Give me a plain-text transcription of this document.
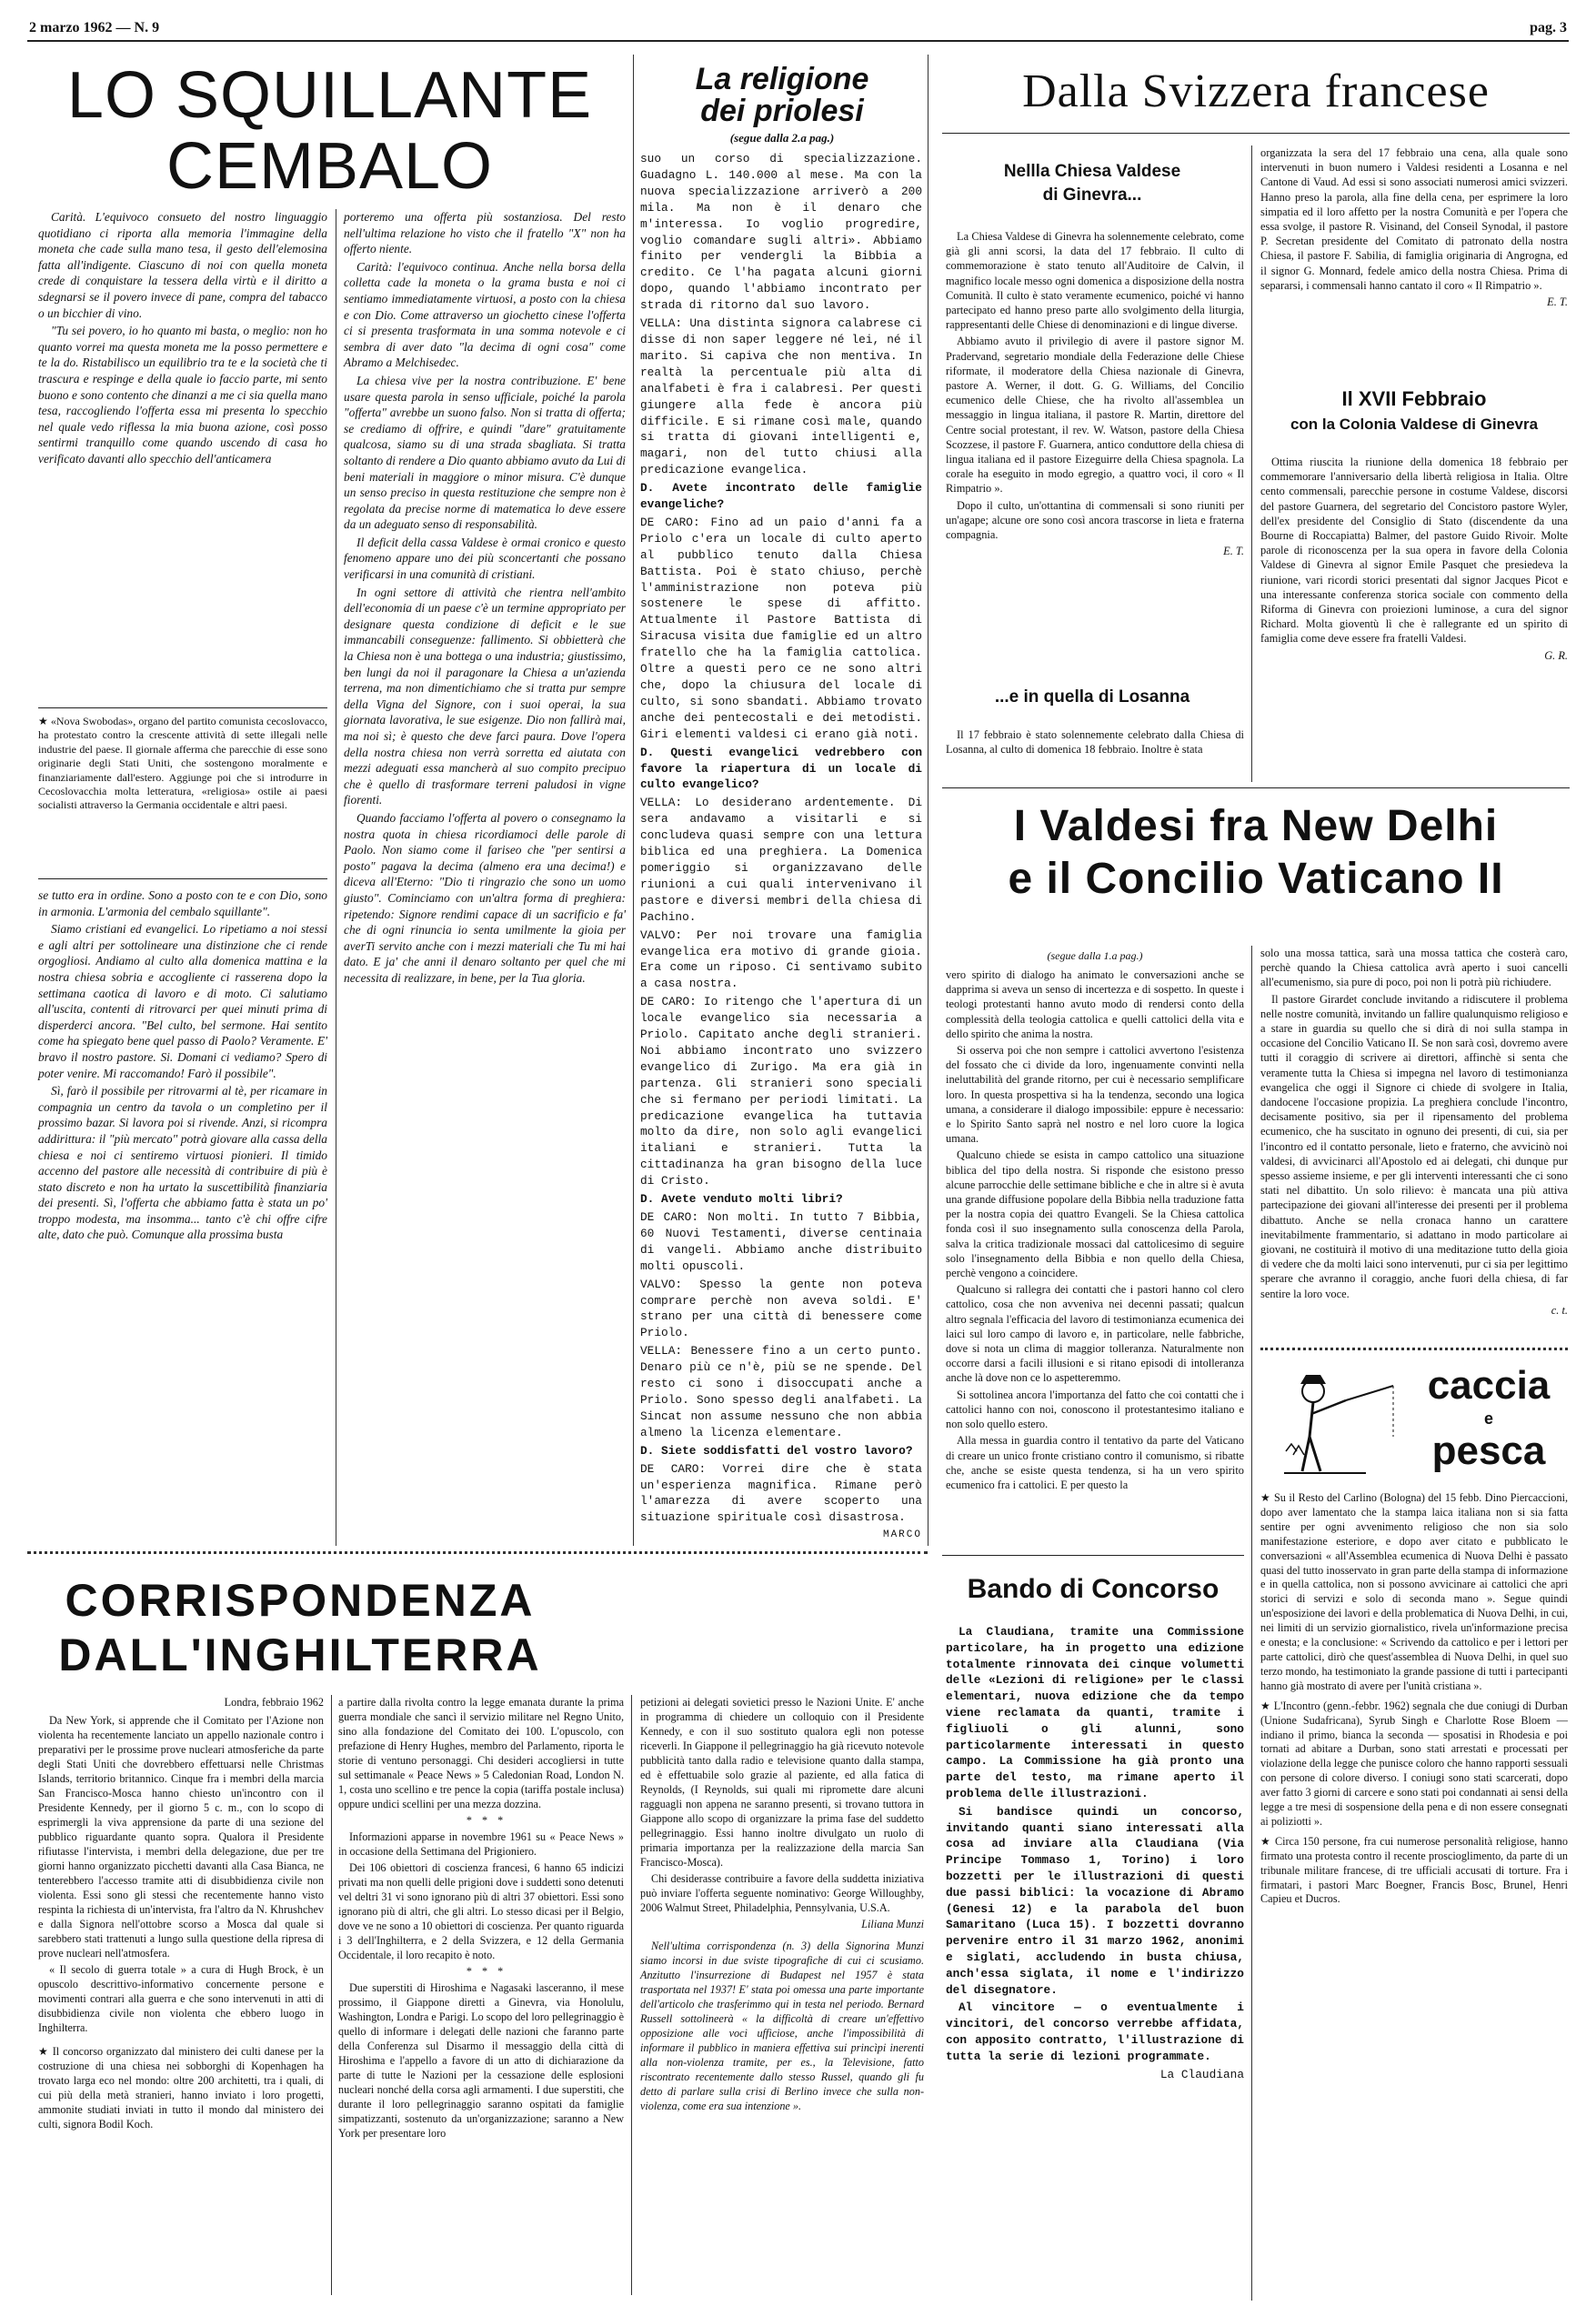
2 marzo 1962 — N. 9	pag. 3
LO SQUILLANTE
CEMBALO

Carità. L'equivoco consueto del nostro linguaggio quotidiano ci riporta alla memoria l'immagine della moneta che cade sulla mano tesa, il gesto dell'elemosina fatta all'indigente. Ciascuno di noi con quella moneta crede di conquistare la tessera della virtù e il diritto a sdegnarsi se il povero invece di pane, compra del tabacco o un bicchier di vino.

"Tu sei povero, io ho quanto mi basta, o meglio: non ho quanto vorrei ma questa moneta me la posso permettere e te la do. Ristabilisco un equilibrio tra te e la società che ti trascura e respinge e della quale io faccio parte, mi sento buono e sono contento che dinanzi a me ci sia quella mano tesa, raccogliendo l'offerta essa mi presenta lo specchio nel quale vedo riflessa la mia buona azione, così posso sentirmi tranquillo come quando uscendo di casa ho verificato davanti allo specchio dell'anticamera

★ «Nova Swobodas», organo del partito comunista cecoslovacco, ha protestato contro la crescente attività di sette illegali nelle industrie del paese. Il giornale afferma che parecchie di esse sono originarie degli Stati Uniti, che sostengono moralmente e finanziariamente dall'estero. Aggiunge poi che si introdurre in Cecoslovacchia molta letteratura, «religiosa» ostile ai paesi socialisti attraverso la Germania occidentale e altri paesi.

se tutto era in ordine. Sono a posto con te e con Dio, sono in armonia. L'armonia del cembalo squillante".

Siamo cristiani ed evangelici. Lo ripetiamo a noi stessi e agli altri per sottolineare una distinzione che ci rende orgogliosi. Andiamo al culto alla domenica mattina e la nostra chiesa sobria e accogliente ci rasserena dopo la settimana caotica di lavoro e di moto. Ci salutiamo all'uscita, contenti di ritrovarci per quei minuti prima di disperderci ancora. "Bel culto, bel sermone. Hai sentito come ha spiegato bene quel passo di Paolo? Veramente. E' bravo il nostro pastore. Si. Domani ci vediamo? Spero di poter venire. Mi raccomando! Farò il possibile".

Sì, farò il possibile per ritrovarmi al tè, per ricamare in compagnia un centro da tavola o un completino per il prossimo bazar. Si lavora poi si rivende. Anzi, si ricompra addirittura: il "più mercato" potrà giovare alla cassa della chiesa e noi ci sentiremo virtuosi pionieri. Il timido accenno del pastore alle necessità di contribuire di più è stato discreto e non ha urtato la suscettibilità finanziaria dei presenti. Sì, l'offerta che abbiamo fatta è stata un po' troppo modesta, ma insomma... tanto c'è chi offre cifre alte, dato che può. Comunque alla prossima busta

porteremo una offerta più sostanziosa. Del resto nell'ultima relazione ho visto che il fratello "X" non ha offerto niente.

Carità: l'equivoco continua. Anche nella borsa della colletta cade la moneta o la grama busta e noi ci sentiamo immediatamente virtuosi, a posto con la chiesa e con Dio. Come attraverso un giochetto cinese l'offerta ci si presenta trasformata in una somma notevole e ci sembra di aver dato "la decima di ogni cosa" come Abramo a Melchisedec.

La chiesa vive per la nostra contribuzione. E' bene usare questa parola in senso ufficiale, poiché la parola "offerta" avrebbe un suono falso. Non si tratta di offerta; se crediamo di offrire, e quindi "dare" gratuitamente qualcosa, siamo su di una strada sbagliata. Si tratta soltanto di rendere a Dio quanto abbiamo avuto da Lui di beni materiali in maggiore o minor misura. C'è dunque un senso preciso in questa restituzione che sempre non è regolata da precise norme di matematica lo deve essere da un adeguato senso di responsabilità.

Il deficit della cassa Valdese è ormai cronico e questo fenomeno appare uno dei più sconcertanti che possano verificarsi in una comunità di cristiani.

In ogni settore di attività che rientra nell'ambito dell'economia di un paese c'è un termine appropriato per designare questa condizione di deficit e le sue immancabili conseguenze: fallimento. Si obbietterà che la Chiesa non è una bottega o una industria; giustissimo, ben lungi da noi il paragonare la Chiesa a un'azienda terrena, ma non dimentichiamo che si tratta pur sempre della Vigna del Signore, con i suoi operai, la sua giornata lavorativa, le sue esigenze. Dio non fallirà mai, ma noi sì; è questo che deve farci paura. Dove l'opera della nostra chiesa non verrà sorretta ed aiutata con mezzi adeguati essa mancherà al suo compito precipuo che è quello di trasformare terreni paludosi in vigne fiorenti.

Quando facciamo l'offerta al povero o consegnamo la nostra quota in chiesa ricordiamoci delle parole di Paolo. Non siamo come il fariseo che "per sentirsi a posto" pagava la decima (almeno era una decima!) e diceva all'Eterno: "Dio ti ringrazio che sono un uomo giusto". Cominciamo con un'altra forma di preghiera: ripetendo: Signore rendimi capace di un sacrificio e fa' che di ogni rinuncia io senta umilmente la gioia per averTi servito anche con i mezzi materiali che Tu mi hai dato. E ja' che anni il denaro soltanto per quel che mi necessita di realizzare, in bene, per la Tua gloria.

La religione
dei priolesi
(segue dalla 2.a pag.)

suo un corso di specializzazione. Guadagno L. 140.000 al mese. Ma con la nuova specializzazione arriverò a 200 mila. Ma non è il denaro che m'interessa. Io voglio progredire, voglio comandare sugli altri». Abbiamo finito per vendergli la Bibbia a credito. Ce l'ha pagata alcuni giorni dopo, quando l'abbiamo incontrato per strada di ritorno dal suo lavoro.

VELLA: Una distinta signora calabrese ci disse di non saper leggere né lei, né il marito. Si capiva che non mentiva. In realtà la percentuale più alta di analfabeti è fra i calabresi. Per questi giungere alla fede è ancora più difficile. E si rimane così male, quando si tratta di giovani intelligenti e, magari, non del tutto chiusi alla predicazione evangelica.

D. Avete incontrato delle famiglie evangeliche?

DE CARO: Fino ad un paio d'anni fa a Priolo c'era un locale di culto aperto al pubblico tenuto dalla Chiesa Battista. Poi è stato chiuso, perchè l'amministrazione non poteva più sostenere le spese di affitto. Attualmente il Pastore Battista di Siracusa visita due famiglie ed un altro fratello che ha la famiglia cattolica. Oltre a questi pero ce ne sono altri che, dopo la chiusura del locale di culto, si sono sbandati. Abbiamo trovato anche dei pentecostali e dei metodisti. Giri elementi valdesi ci erano già noti.

D. Questi evangelici vedrebbero con favore la riapertura di un locale di culto evangelico?

VELLA: Lo desiderano ardentemente. Di sera andavamo a visitarli e si concludeva quasi sempre con una lettura biblica ed una preghiera. La Domenica pomeriggio si organizzavano delle riunioni a cui quali intervenivano il pastore e diversi membri della chiesa di Pachino.

VALVO: Per noi trovare una famiglia evangelica era motivo di grande gioia. Era come un riposo. Ci sentivamo subito a casa nostra.

DE CARO: Io ritengo che l'apertura di un locale evangelico sia necessaria a Priolo. Capitato anche degli stranieri. Noi abbiamo incontrato uno svizzero evangelico di Zurigo. Ma era già in partenza. Gli stranieri sono speciali che si fermano per periodi limitati. La predicazione evangelica ha tuttavia molto da dire, non solo agli evangelici italiani e stranieri. Tutta la cittadinanza ha gran bisogno della luce di Cristo.

D. Avete venduto molti libri?

DE CARO: Non molti. In tutto 7 Bibbia, 60 Nuovi Testamenti, diverse centinaia di vangeli. Abbiamo anche distribuito molti opuscoli.

VALVO: Spesso la gente non poteva comprare perchè non aveva soldi. E' strano per una città di benessere come Priolo.

VELLA: Benessere fino a un certo punto. Denaro più ce n'è, più se ne spende. Del resto ci sono i disoccupati anche a Priolo. Sono spesso degli analfabeti. La Sincat non assume nessuno che non abbia almeno la licenza elementare.

D. Siete soddisfatti del vostro lavoro?

DE CARO: Vorrei dire che è stata un'esperienza magnifica. Rimane però l'amarezza di avere scoperto una situazione spirituale così disastrosa.

MARCO

Dalla Svizzera francese
Nellla Chiesa Valdese
di Ginevra...

La Chiesa Valdese di Ginevra ha solennemente celebrato, come già gli anni scorsi, la data del 17 febbraio. Il culto di commemorazione è stato tenuto all'Auditoire de Calvin, il magnifico locale messo ogni domenica a disposizione della nostra Comunità. Il culto è stato veramente ecumenico, poiché vi hanno partecipato ed hanno preso parte allo svolgimento della liturgia, rappresentanti delle Chiese di denominazioni e di lingue diverse.

Abbiamo avuto il privilegio di avere il pastore signor M. Pradervand, segretario mondiale della Federazione delle Chiese riformate, il moderatore della Chiesa nazionale di Ginevra, pastore A. Werner, il dott. G. G. Williams, del Concilio ecumenico delle Chiese, che ha rivolto all'assemblea un messaggio in lingua italiana, il pastore R. Martin, direttore del Centre social protestant, il rev. W. Watson, pastore della Chiesa Scozzese, il pastore F. Guarnera, antico conduttore della chiesa di lingua italiana ed il pastore Eizeguirre della Chiesa spagnola. La corale ha eseguito in modo egregio, a quattro voci, il coro « Il Rimpatrio ».

Dopo il culto, un'ottantina di commensali si sono riuniti per un'agape; alcune ore sono così ancora trascorse in lieta e fraterna compagnia.

E. T.

...e in quella di Losanna

Il 17 febbraio è stato solennemente celebrato dalla Chiesa di Losanna, al culto di domenica 18 febbraio. Inoltre è stata

organizzata la sera del 17 febbraio una cena, alla quale sono intervenuti in buon numero i Valdesi residenti a Losanna e nel Cantone di Vaud. Ad essi si sono associati numerosi amici svizzeri. Hanno preso la parola, alla fine della cena, per esprimere la loro simpatia ed il loro affetto per la nostra Comunità e per l'opera che essa svolge, il pastore R. Visinand, del Conseil Synodal, il pastore P. Secretan presidente del Comitato di patronato della nostra Chiesa, il pastore F. Sabilia, di famiglia originaria di Angrogna, ed il signor G. Monnard, fedele amico della nostra Chiesa. Prima di separarsi, i commensali hanno cantato il coro « Il Rimpatrio ».

E. T.

Il XVII Febbraio
con la Colonia Valdese di Ginevra

Ottima riuscita la riunione della domenica 18 febbraio per commemorare l'anniversario della libertà religiosa in Italia. Oltre cento commensali, parecchie persone in costume Valdese, discorsi del pastore Guarnera, del segretario del Concistoro pastore Wyler, dell'ex presidente del Consiglio di Stato (discendente da una Bourne di Roccapiatta) Balmer, del pastore Guido Rivoir. Molte parole di riconoscenza per la sua opera in favore della Colonia Valdese di Ginevra al signor Emile Pasquet che presiedeva la riunione, vari ricordi storici presentati dal signor Jacques Picot e una interessante conferenza storica sociale con commento della Riforma di Ginevra con proiezioni luminose, a cura del signor Richard. Molta gioventù lì che è rallegrante ed un spirito di famiglia come deve essere fra fratelli Valdesi.

G. R.

I Valdesi fra New Delhi
e il Concilio Vaticano II
(segue dalla 1.a pag.)

vero spirito di dialogo ha animato le conversazioni anche se dapprima si aveva un senso di incertezza e di sospetto. In queste i teologi protestanti hanno avuto modo di rendersi conto della complessità della teologia cattolica e quelli cattolici della vita e dello spirito che anima la nostra.

Si osserva poi che non sempre i cattolici avvertono l'esistenza del fossato che ci divide da loro, ingenuamente convinti nella ineluttabilità del grande ritorno, per cui è necessario semplificare loro. In questa prospettiva si ha la tendenza, secondo una logica umana, a considerare il dialogo impossibile: eppure è necessario: e lo Spirito Santo saprà nel nostro e nel loro cuore la logica umana.

Qualcuno chiede se esista in campo cattolico una situazione biblica del tipo della nostra. Si risponde che esistono presso alcune parrocchie delle settimane bibliche e che in altre si è avuta una grande diffusione popolare della Bibbia nella traduzione fatta per la nostra copia dei quattro Evangeli. Se la Chiesa cattolica fonda così il suo insegnamento sulla conoscenza della Parola, salva la critica tradizionale mossaci dal cattolicesimo di seguire solo l'insegnamento della Bibbia e non quello della Chiesa, perchè vengono a coincidere.

Qualcuno si rallegra dei contatti che i pastori hanno col clero cattolico, cosa che non avveniva nei decenni passati; qualcun altro segnala l'efficacia del lavoro di testimonianza ecumenica dei laici sul loro campo di lavoro e, in particolare, nelle fabbriche, dove si nota un clima di maggior tolleranza. Naturalmente non occorre darsi a facili illusioni e si ritano episodi di intolleranza anche là dove non ce lo aspetteremmo.

Si sottolinea ancora l'importanza del fatto che coi contatti che i cattolici hanno con noi, conoscono il protestantesimo italiano e non solo quello estero.

Alla messa in guardia contro il tentativo da parte del Vaticano di creare un unico fronte cristiano contro il comunismo, si ribatte che, anche se esiste questa tendenza, si ha un vero spirito ecumenico fra i cattolici. E per questo la

solo una mossa tattica, sarà una mossa tattica che costerà caro, perchè quando la Chiesa cattolica avrà aperto i suoi cancelli all'ecumenismo, sia pure di poco, poi non li potrà più richiudere.

Il pastore Girardet conclude invitando a ridiscutere il problema nelle nostre comunità, invitando un fallire qualunquismo religioso e a stare in guardia su quello che si dirà di noi sulla stampa in occasione del Concilio Vaticano II. Se non sarà così, dovremo avere tutti il coraggio di scrivere ai direttori, affinchè si senta che veramente tutta la Chiesa si impegna nel lavoro di testimonianza evangelica che oggi il Signore ci chiede di svolgere in Italia, dandocene l'occasione propizia. La preghiera conclude l'incontro, decisamente positivo, sia per il ripensamento del problema ecumenico, che ha suscitato in ognuno dei presenti, di cui, sia per l'incontro ed il contatto personale, lieto e fraterno, che avvicinò noi valdesi, di avvicinarci all'Apostolo ed ai delegati, chi dunque pur spesso assieme insieme, e per gli interventi interessanti che ci sono stati nel dibattito. Un solo rilievo: è mancata una più attiva partecipazione dei giovani all'interesse dei presenti per il problema dibattuto. Anche se nella cronaca hanno un carattere inevitabilmente frammentario, si adattano in modo particolare ai giovani, ne costituirà il motivo di una meditazione tutto della gioia di vedere che da molti laici sono intervenuti, pur ci sia per legittimo sperare che avranno il coraggio, anche fuori della chiesa, di far sentire la loro voce.

c. t.

caccia
e
pesca

★ Su il Resto del Carlino (Bologna) del 15 febb. Dino Piercaccioni, dopo aver lamentato che la stampa laica italiana non si sia fatta sentire per ogni avvenimento religioso che non sia solo manifestazione esteriore, e dopo aver citato e pubblicato le conversazioni « all'Assemblea ecumenica di Nuova Delhi è passato quasi del tutto inosservato in gran parte della stampa di informazione e in quella cattolica, non si possono avvicinare ai cattolici che apri storici di servizi e solo di seconda mano ». Segue quindi un'esposizione dei lavori e della problematica di Nuova Delhi, in cui, nei limiti di un servizio giornalistico, rivela un'informazione precisa e onesta; e la conclusione: « Scrivendo da cattolico e per i lettori per parte cattolici, dirò che quest'assemblea di Nuova Delhi, in quel suo terzo mondo, ha testimoniato la grande passione di tutti i partecipanti hanno già mostrato di avere per l'unità cristiana ».

★ L'Incontro (genn.-febbr. 1962) segnala che due coniugi di Durban (Unione Sudafricana), Syrub Singh e Charlotte Rose Bloem — indiano il primo, bianca la seconda — sposatisi in Rhodesia e poi tornati ad abitare a Durban, sono stati arrestati e processati per violazione della legge che punisce coloro che hanno rapporti sessuali con persone di colore diverso. I coniugi sono stati scarcerati, dopo aver fatto 3 giorni di carcere e sono stati poi condannati ai sensi della legge a tre mesi di sospensione della pena e di non essere consegnati ai poliziotti ».

★ Circa 150 persone, fra cui numerose personalità religiose, hanno firmato una protesta contro il recente proscioglimento, da parte di un tribunale militare francese, di tre ufficiali accusati di torture. Fra i firmatari, i pastori Marc Boegner, Francis Bosc, Brunel, Henri Capieu et Ducros.

Bando di Concorso

La Claudiana, tramite una Commissione particolare, ha in progetto una edizione totalmente rinnovata dei cinque volumetti delle «Lezioni di religione» per le classi elementari, nuova edizione che da tempo viene reclamata da quanti, tramite i figliuoli o gli alunni, sono particolarmente interessati in questo campo. La Commissione ha già pronto una parte del testo, ma rimane aperto il problema delle illustrazioni.

Si bandisce quindi un concorso, invitando quanti siano interessati alla cosa ad inviare alla Claudiana (Via Principe Tommaso 1, Torino) i loro bozzetti per le illustrazioni di questi due passi biblici: la vocazione di Abramo (Genesi 12) e la parabola del buon Samaritano (Luca 15). I bozzetti dovranno pervenire entro il 31 marzo 1962, anonimi e siglati, accludendo in busta chiusa, anch'essa siglata, il nome e l'indirizzo del disegnatore.

Al vincitore — o eventualmente i vincitori, del concorso verrebbe affidata, con apposito contratto, l'illustrazione di tutta la serie di lezioni programmate.

La Claudiana

CORRISPONDENZA
DALL'INGHILTERRA

Londra, febbraio 1962

Da New York, si apprende che il Comitato per l'Azione non violenta ha recentemente lanciato un appello nazionale contro i preparativi per le prossime prove nucleari atmosferiche da parte degli Stati Uniti che dovrebbero effettuarsi nelle Christmas Islands, territorio britannico. Cinque fra i membri della marcia San Francisco-Mosca hanno chiesto un'incontro con il Presidente Kennedy, per il giorno 5 c. m., con lo scopo di esprimergli la viva apprensione da parte di una sezione del pubblico riguardante quanto sopra. Qualora il Presidente rifiutasse l'intervista, i membri della delegazione, due per tre giorni hanno organizzato picchetti davanti alla Casa Bianca, ne tenterebbero l'accesso tramite atti di disubbidienza civile non violenta. Essi sono gli stessi che recentemente hanno visto respinta la richiesta di un'intervista, fra l'altro da N. Khrushchev e dalla Signora nell'ottobre scorso a Mosca dal quale si sarebbero stati trattenuti a lungo sulla questione della ripresa di prove nucleari nell'atmosfera.

« Il secolo di guerra totale » a cura di Hugh Brock, è un opuscolo descrittivo-informativo concernente persone e movimenti contrari alla guerra e che sono intervenuti in atti di disubbidienza civile non violenta che ebbero luogo in Inghilterra.

★ Il concorso organizzato dal ministero dei culti danese per la costruzione di una chiesa nei sobborghi di Kopenhagen ha trovato larga eco nel mondo: oltre 200 architetti, tra i quali, di cui più della metà stranieri, hanno inviato i loro progetti, ammonite studiati inviati in tutto il mondo dal ministero dei culti, signora Bodil Koch.

a partire dalla rivolta contro la legge emanata durante la prima guerra mondiale che sancì il servizio militare nel Regno Unito, sino alla fondazione del Comitato dei 100. L'opuscolo, con prefazione di Henry Hughes, membro del Parlamento, riporta le storie di ventuno personaggi. Chi desideri accogliersi in tutte sul settimanale « Peace News » 5 Caledonian Road, London N. 1, costa uno scellino e tre pence la copia (tariffa postale inclusa) oppure undici scellini per una mezza dozzina.

* * *

Informazioni apparse in novembre 1961 su « Peace News » in occasione della Settimana del Prigioniero.

Dei 106 obiettori di coscienza francesi, 6 hanno 65 indicizi privati ma non quelli delle prigioni dove i suddetti sono detenuti vel deltri 31 vi sono ignorano più di altri 37 obiettori. Essi sono ignorano più di altri, che gli altri. Lo stesso dicasi per il Belgio, dove ve ne sono a 10 obiettori di coscienza. Per quanto riguarda i 3 dell'Inghilterra, e 2 della Svizzera, e 12 della Germania Occidentale, il loro recapito è noto.

* * *

Due superstiti di Hiroshima e Nagasaki lasceranno, il mese prossimo, il Giappone diretti a Ginevra, via Honolulu, Washington, Londra e Parigi. Lo scopo del loro pellegrinaggio è quello di informare i delegati delle nazioni che faranno parte della Conferenza sul Disarmo il messaggio della città di Hiroshima e l'appello a favore di un atto di dichiarazione da parte di tutte le Nazioni per la cessazione delle esplosioni nucleari nonché della corsa agli armamenti. I due superstiti, che durante il loro pellegrinaggio saranno ospitati da famiglie simpatizzanti, sostenuto da un'organizzazione; saranno a New York per presentare loro

petizioni ai delegati sovietici presso le Nazioni Unite. E' anche in programma di chiedere un colloquio con il Presidente Kennedy, e con il suo sostituto qualora egli non potesse riceverli. In Giappone il pellegrinaggio ha già ricevuto notevole pubblicità tanto dalla radio e televisione quanto dalla stampa, ed è effettuabile solo grazie al paziente, ed alla fatica di Reynolds, (I Reynolds, sui quali mi ripromette dare alcuni ragguagli non appena ne saranno presenti, si trovano tuttora in Giappone allo scopo di organizzare la prima fase del suddetto pellegrinaggio. Essi hanno inoltre divulgato un ruolo di primaria importanza per la realizzazione della marcia San Francisco-Mosca).

Chi desiderasse contribuire a favore della suddetta iniziativa può inviare l'offerta seguente nominativo: George Willoughby, 2006 Walmut Street, Philadelphia, Pennsylvania, U.S.A.

Liliana Munzi

Nell'ultima corrispondenza (n. 3) della Signorina Munzi siamo incorsi in due sviste tipografiche di cui ci scusiamo. Anzitutto l'insurrezione di Budapest nel 1957 è stata trasportata nel 1937! E' stata poi omessa una parte importante dell'articolo che trasferimmo qui in testa nel periodo. Bernard Russell sottolineerà « la difficoltà di creare un'effettivo opposizione alle voci ufficiose, anche l'impossibilità di informare il pubblico in maniera effettiva sui princìpi inerenti alla non-violenza tramite, per es., la Televisione, fatto riscontrato recentemente dallo stesso Russel, quando gli fu detto di parlare sulla crisi di Berlino invece che sulla non-violenza, come era sua intenzione ».
